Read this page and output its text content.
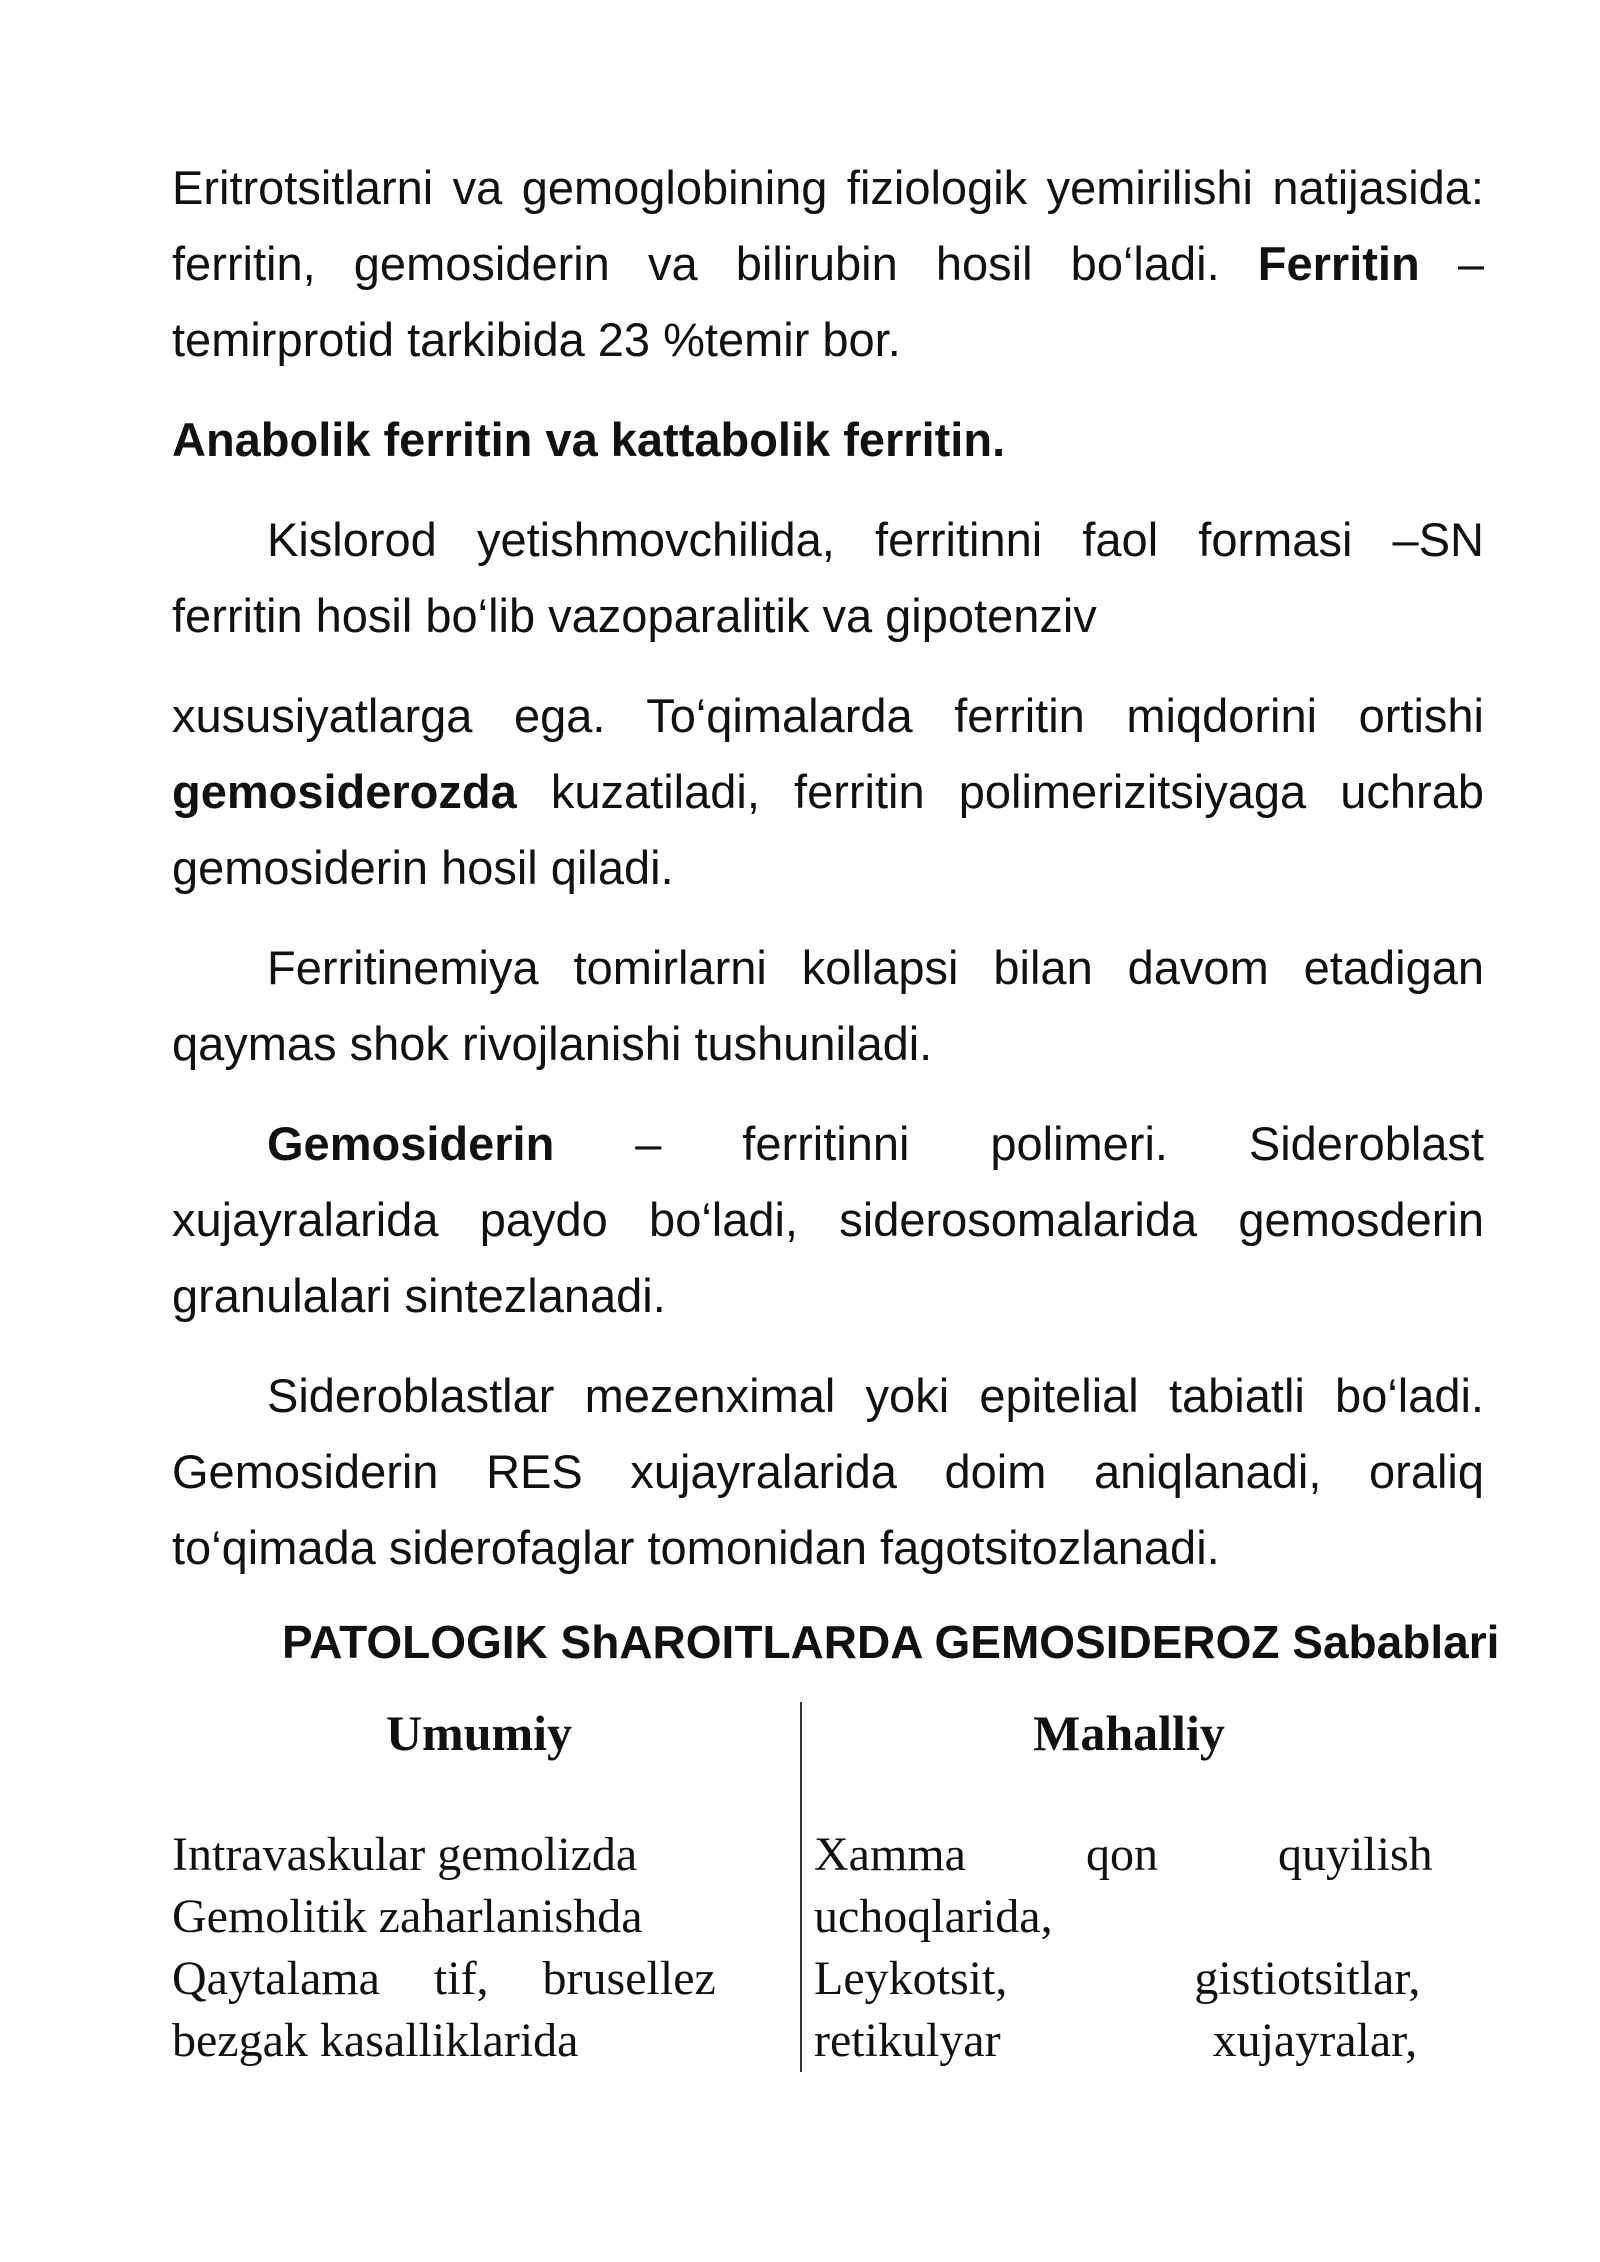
Eritrotsitlarni va gemoglobining fiziologik yemirilishi natijasida: ferritin, gemosiderin va bilirubin hosil bo‘ladi. Ferritin –temirprotid tarkibida 23 %temir bor.

Anabolik ferritin va kattabolik ferritin.

Kislorod yetishmovchilida, ferritinni faol formasi –SN ferritin hosil bo‘lib vazoparalitik va gipotenziv

xususiyatlarga ega. To‘qimalarda ferritin miqdorini ortishi gemosiderozda kuzatiladi, ferritin polimerizitsiyaga uchrab gemosiderin hosil qiladi.

Ferritinemiya tomirlarni kollapsi bilan davom etadigan qaymas shok rivojlanishi tushuniladi.

Gemosiderin – ferritinni polimeri. Sideroblast xujayralarida paydo bo‘ladi, siderosomalarida gemosderin granulalari sintezlanadi.

Sideroblastlar mezenximal yoki epitelial tabiatli bo‘ladi. Gemosiderin RES xujayralarida doim aniqlanadi, oraliq to‘qimada siderofaglar tomonidan fagotsitozlanadi.

PATOLOGIK ShAROITLARDA GEMOSIDEROZ Sabablari
Umumiy
Intravaskular gemolizda
Gemolitik zaharlanishda
Qaytalama tif, brusellez
bezgak kasalliklarida
Mahalliy
Xamma qon quyilish
uchoqlarida,
Leykotsit, gistiotsitlar,
retikulyar xujayralar,
